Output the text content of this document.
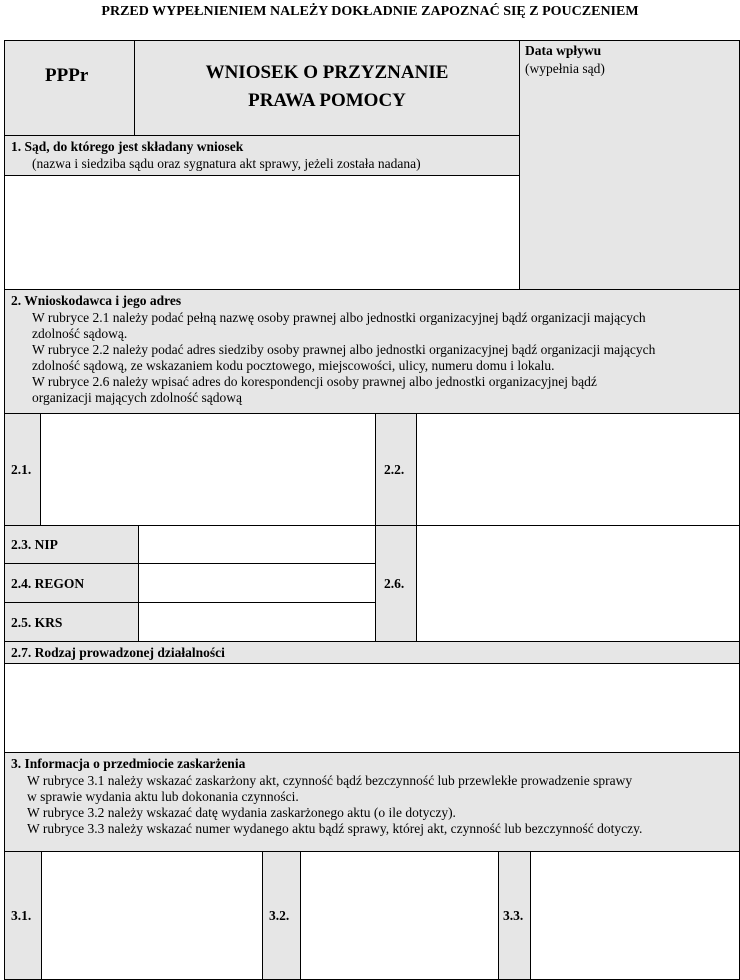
PRZED WYPEŁNIENIEM NALEŻY DOKŁADNIE ZAPOZNAĆ SIĘ Z POUCZENIEM
PPPr	WNIOSEK O PRZYZNANIE
PRAWA POMOCY
Data wpływu
(wypełnia sąd)
1. Sąd, do którego jest składany wniosek
(nazwa i siedziba sądu oraz sygnatura akt sprawy, jeżeli została nadana)
2. Wnioskodawca i jego adres
W rubryce 2.1 należy podać pełną nazwę osoby prawnej albo jednostki organizacyjnej bądź organizacji mających
zdolność sądową.
W rubryce 2.2 należy podać adres siedziby osoby prawnej albo jednostki organizacyjnej bądź organizacji mających
zdolność sądową, ze wskazaniem kodu pocztowego, miejscowości, ulicy, numeru domu i lokalu.
W rubryce 2.6 należy wpisać adres do korespondencji osoby prawnej albo jednostki organizacyjnej bądź
organizacji mających zdolność sądową
2.1.	2.2.
2.3. NIP
2.4. REGON
2.5. KRS
2.6.
2.7. Rodzaj prowadzonej działalności
3. Informacja o przedmiocie zaskarżenia
W rubryce 3.1 należy wskazać zaskarżony akt, czynność bądź bezczynność lub przewlekłe prowadzenie sprawy
w sprawie wydania aktu lub dokonania czynności.
W rubryce 3.2 należy wskazać datę wydania zaskarżonego aktu (o ile dotyczy).
W rubryce 3.3 należy wskazać numer wydanego aktu bądź sprawy, której akt, czynność lub bezczynność dotyczy.
3.1.	3.2.	3.3.
